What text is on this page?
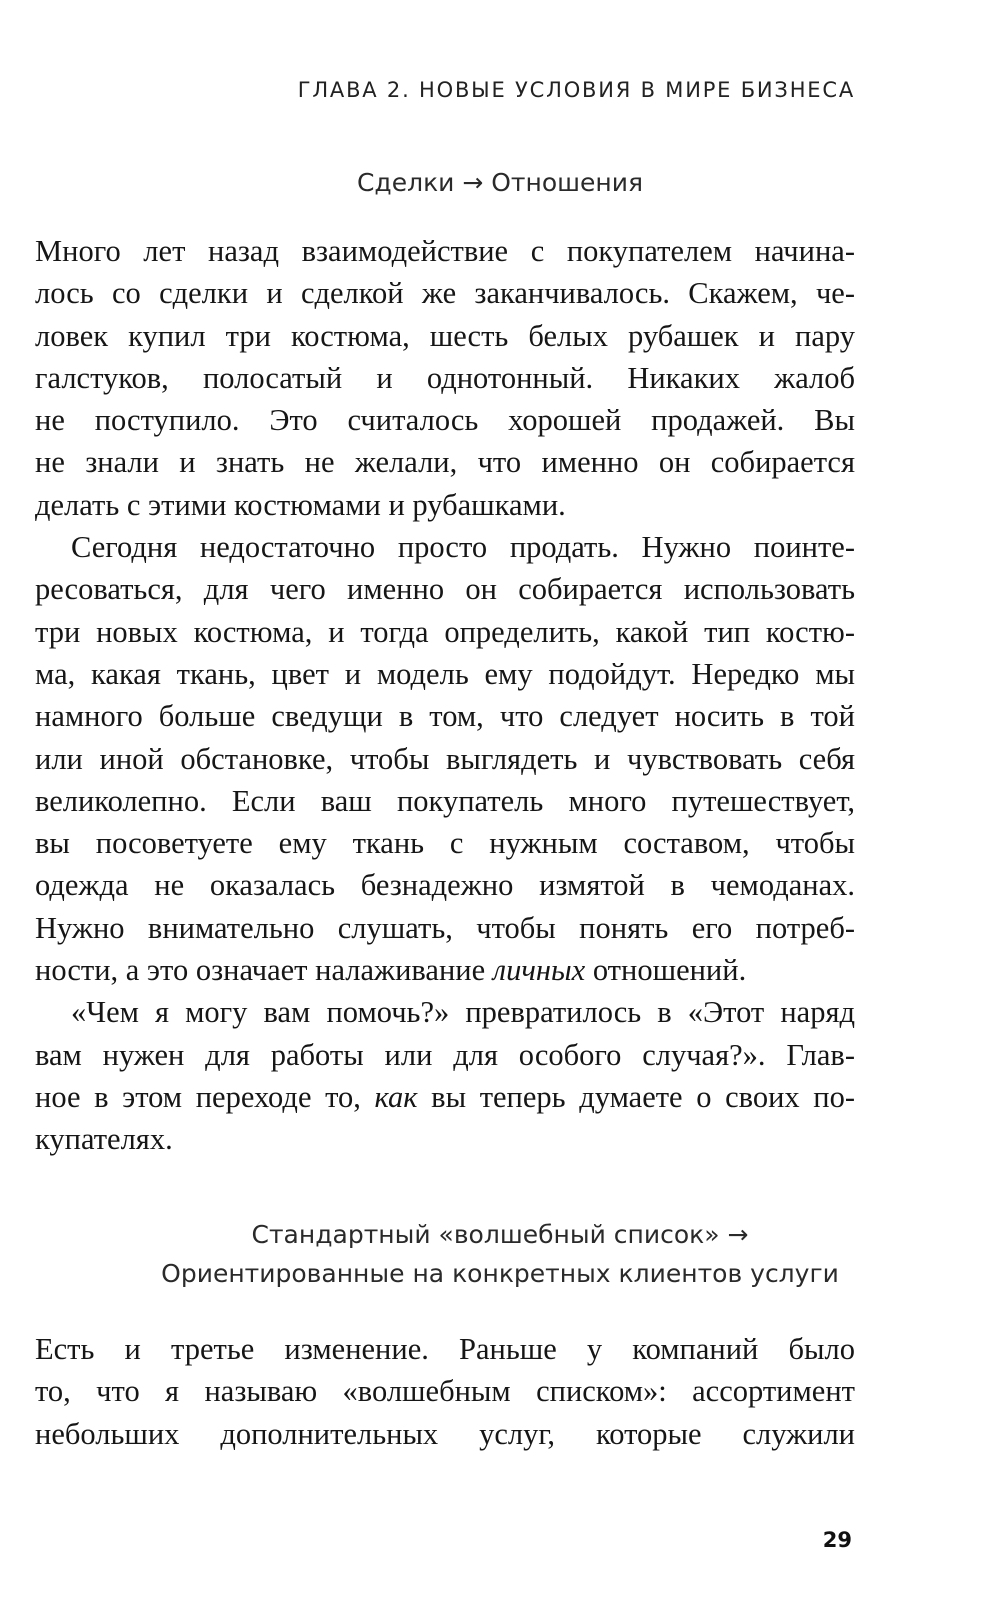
ГЛАВА 2. НОВЫЕ УСЛОВИЯ В МИРЕ БИЗНЕСА
Сделки → Отношения

Много лет назад взаимодействие с покупателем начина-
лось со сделки и сделкой же заканчивалось. Скажем, че-
ловек купил три костюма, шесть белых рубашек и пару
галстуков, полосатый и однотонный. Никаких жалоб
не поступило. Это считалось хорошей продажей. Вы
не знали и знать не желали, что именно он собирается
делать с этими костюмами и рубашками.

Сегодня недостаточно просто продать. Нужно поинте-
ресоваться, для чего именно он собирается использовать
три новых костюма, и тогда определить, какой тип костю-
ма, какая ткань, цвет и модель ему подойдут. Нередко мы
намного больше сведущи в том, что следует носить в той
или иной обстановке, чтобы выглядеть и чувствовать себя
великолепно. Если ваш покупатель много путешествует,
вы посоветуете ему ткань с нужным составом, чтобы
одежда не оказалась безнадежно измятой в чемоданах.
Нужно внимательно слушать, чтобы понять его потреб-
ности, а это означает налаживание личных отношений.

«Чем я могу вам помочь?» превратилось в «Этот наряд
вам нужен для работы или для особого случая?». Глав-
ное в этом переходе то, как вы теперь думаете о своих по-
купателях.

Стандартный «волшебный список» →
Ориентированные на конкретных клиентов услуги

Есть и третье изменение. Раньше у компаний было
то, что я называю «волшебным списком»: ассортимент
небольших дополнительных услуг, которые служили

29
